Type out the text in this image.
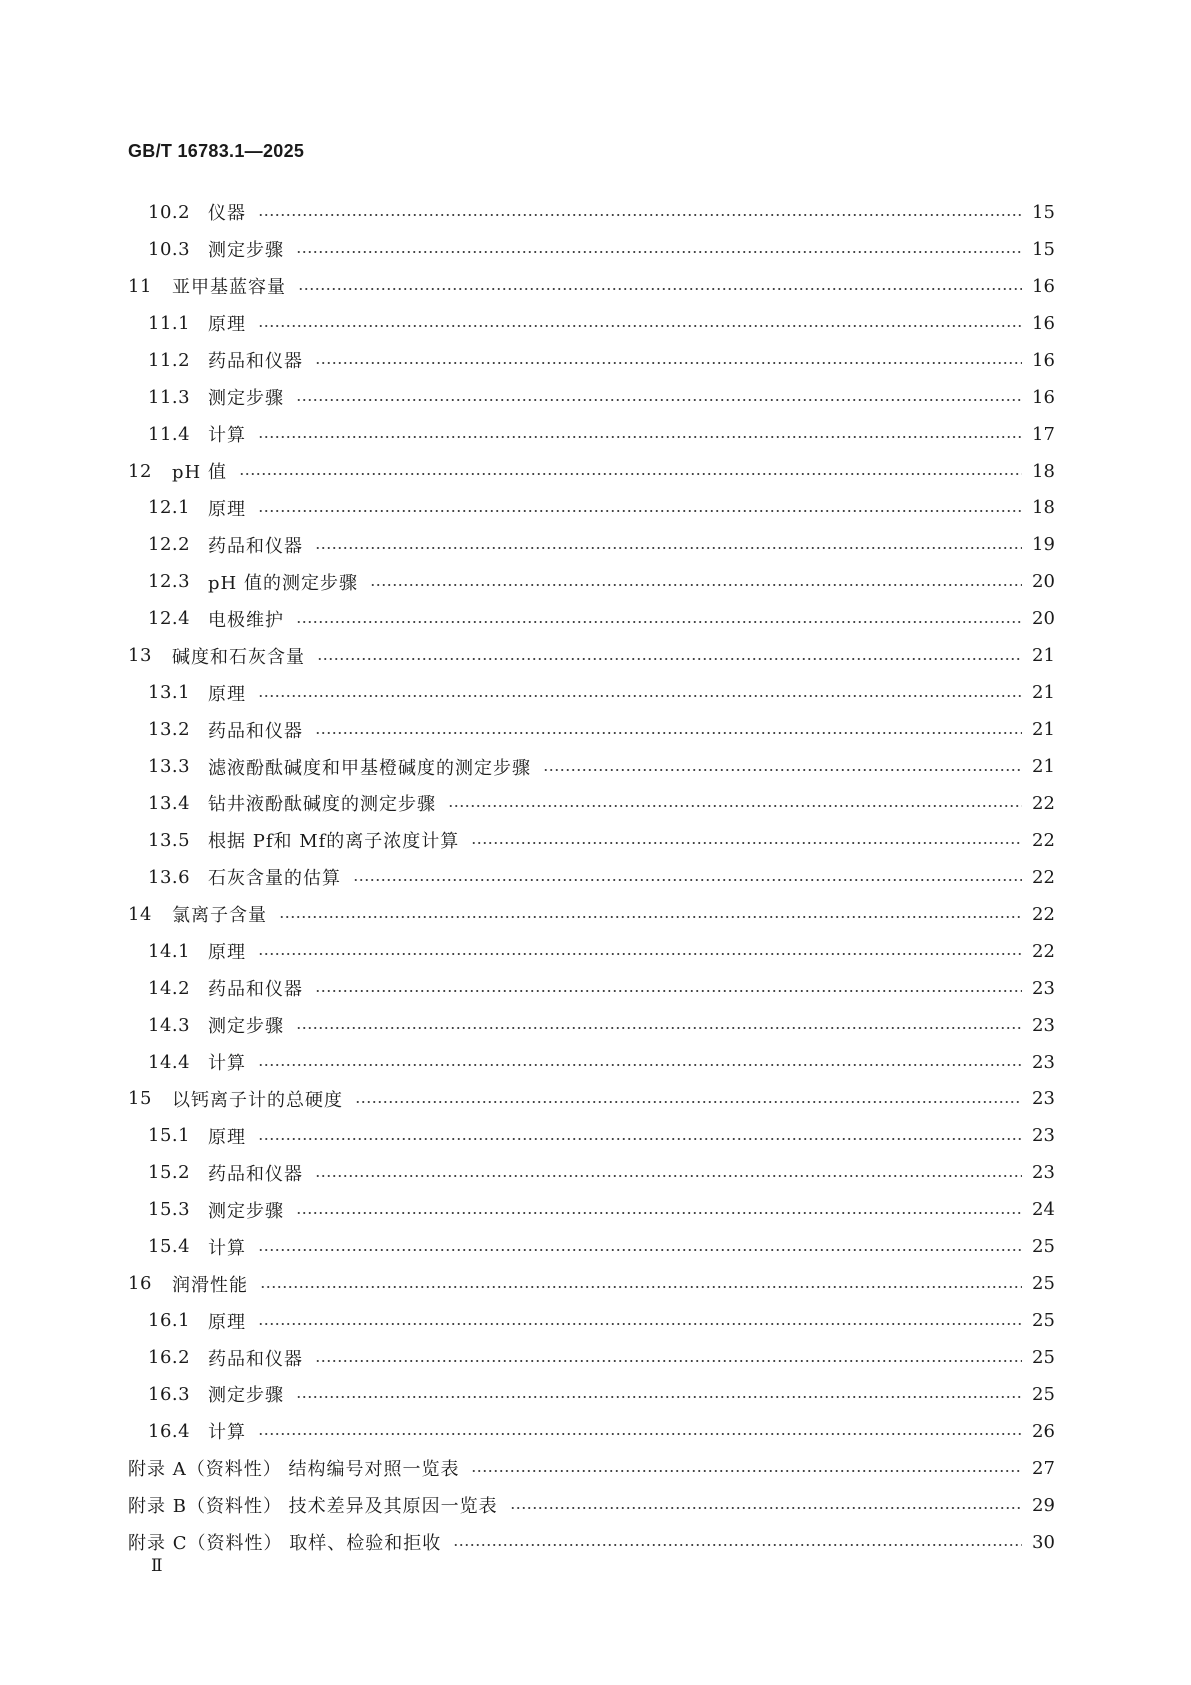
GB/T 16783.1—2025
10.2 仪器	15
10.3 测定步骤	15
11	亚甲基蓝容量	16
11.1 原理	16
11.2 药品和仪器	16
11.3 测定步骤	16
11.4 计算	17
12	pH 值	18
12.1 原理	18
12.2 药品和仪器	19
12.3 pH 值的测定步骤	20
12.4 电极维护	20
13	碱度和石灰含量	21
13.1 原理	21
13.2 药品和仪器	21
13.3 滤液酚酞碱度和甲基橙碱度的测定步骤	21
13.4 钻井液酚酞碱度的测定步骤	22
13.5 根据 Pf和 Mf的离子浓度计算	22
13.6 石灰含量的估算	22
14	氯离子含量	22
14.1 原理	22
14.2 药品和仪器	23
14.3 测定步骤	23
14.4 计算	23
15	以钙离子计的总硬度	23
15.1 原理	23
15.2 药品和仪器	23
15.3 测定步骤	24
15.4 计算	25
16	润滑性能	25
16.1 原理	25
16.2 药品和仪器	25
16.3 测定步骤	25
16.4 计算	26
附录 A（资料性） 结构编号对照一览表	27
附录 B（资料性） 技术差异及其原因一览表	29
附录 C（资料性） 取样、检验和拒收	30
Ⅱ
